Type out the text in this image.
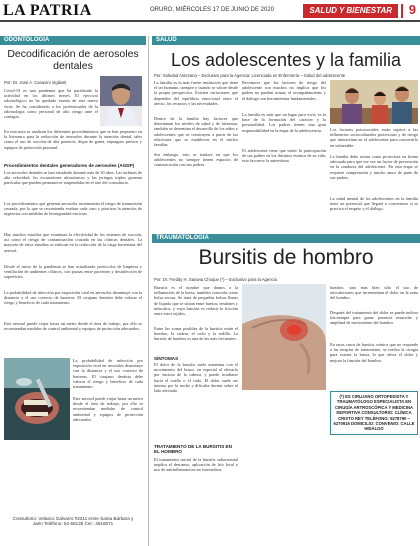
LA PATRIA	ORURO, MIÉRCOLES 17 DE JUNIO DE 2020	SALUD Y BIENESTAR	9
ODONTOLOGÍA
Decodificación de aerosoles dentales
Por: Dr. José A. Canavini Vigilanti
Covid-19 es una pandemia que ha paralizado la actividad en los últimos meses. El ejercicio odontológico no ha quedado exento de este nuevo virus. Se ha considerado a los profesionales de la odontología como personal de alto riesgo ante el contagio.
En esta nota se analizan los diferentes procedimientos que se han propuesto en la literatura para la reducción de aerosoles durante la atención dental, tales como el uso de succión de alta potencia, dique de goma, enjuagues previos y equipos de protección personal.
Procedimientos dentales generadores de aerosoles (AGDP)
Los aerosoles dentales se han estudiado durante más de 30 años. Las turbinas de alta velocidad, los escariadores ultrasónicos y las jeringas triples generan partículas que pueden permanecer suspendidas en el aire del consultorio.
Los procedimientos que generan aerosoles incrementan el riesgo de transmisión cruzada, por lo que se recomienda evaluar cada caso y priorizar la atención de urgencias con medidas de bioseguridad estrictas.
Hay muchos estudios que examinan la efectividad de los sistemas de succión, así como el riesgo de contaminación cruzada en las clínicas dentales. La mayoría de estos estudios se enfocan en la reducción de la carga bacteriana del aerosol.
Desde el inicio de la pandemia se han actualizado protocolos de limpieza y ventilación de ambientes clínicos, con pausas entre pacientes y desinfección de superficies.
La probabilidad de infección por exposición viral en aerosoles disminuye con la distancia y el uso correcto de barreras. El cirujano dentista debe valorar el riesgo y beneficio de cada tratamiento.
Este aerosol puede viajar hasta un metro desde el área de trabajo, por ello se recomiendan medidas de control ambiental y equipos de protección adecuados.
La probabilidad de infección por exposición viral en aerosoles disminuye con la distancia y el uso correcto de barreras. El cirujano dentista debe valorar el riesgo y beneficio de cada tratamiento.
Este aerosol puede viajar hasta un metro desde el área de trabajo, por ello se recomiendan medidas de control ambiental y equipos de protección adecuados.
Consultorio: Velasco Galvarro #2311 entre Santa Bárbara y Jaén Teléfono: 52-58125 Cel.: 4618071
SALUD
Los adolescentes y la familia
Por: Soledad Antezana – Exclusivo para la Agencia: Licenciada en Enfermería – Salud del adolescente
La familia es la más fuerte institución que tiene el ser humano, siempre y cuando se valore desde la propia perspectiva. Existen variaciones que dependen del equilibrio emocional entre el afecto, los recursos y las necesidades.
Dentro de la familia hay factores que determinan los niveles de salud y de bienestar, también se determina el desarrollo de los niños y adolescentes que se construyen a partir de las relaciones que se establecen en el núcleo familiar.
Sin embargo, esto se traduce en que los adolescentes no siempre tienen espacios de comunicación con sus padres.
Reconocer que los factores de riesgo del adolescente son muchos no implica que los padres no puedan actuar; el acompañamiento y el diálogo son herramientas fundamentales.
La familia es más que un lugar para vivir; es la base de la formación del carácter y la personalidad. Los padres tienen una gran responsabilidad en la etapa de la adolescencia.
El adolescente tiene que sentir la participación de sus padres en los distintos eventos de su vida, esto favorece la autoestima.
Los factores psicosociales están sujetos a las influencias socioculturales protectoras y de riesgo que interactúan en el adolescente para convertirlo en vulnerable.
La familia debe actuar como protectora en forma adecuada para que ese sea un factor de prevención en la conducta del adolescente. En esta etapa se requiere comprensión y mucho amor de parte de sus padres.
La salud mental de los adolescentes en la familia tiene un potencial que llegará a concretarse si se practica el respeto y el diálogo.
TRAUMATOLOGÍA
Bursitis de hombro
Por: Dr. Freddy H. Saravia Choque (*) – Exclusivo para la Agencia
Bursitis es el nombre que damos a la inflamación de la bursa, también conocida como bolsa serosa. Se trata de pequeñas bolsas llenas de líquido que se sitúan entre huesos, tendones y músculos, y cuya función es reducir la fricción entre estos tejidos.
Entre las zonas posibles de la bursitis están el hombro, la cadera, el codo y la rodilla. La bursitis de hombro es una de las más frecuentes.
SÍNTOMAS
El dolor de la bursitis suele aumentar con el movimiento del brazo, en especial al elevarlo por encima de la cabeza, y puede irradiarse hacia el cuello o el codo. El dolor suele ser intenso por la noche y dificulta dormir sobre el lado afectado.
TRATAMIENTO DE LA BURSITIS EN EL HOMBRO
El tratamiento inicial de la bursitis subacromial implica el descanso, aplicación de frío local y uso de antiinflamatorios no esteroideos.
hombro, sino más bien sólo el uso de articulaciones que incrementan el dolor en la zona del hombro.
Después del tratamiento del dolor se puede indicar fisioterapia para ganar potencia muscular y amplitud de movimiento del hombro.
En raros casos de bursitis crónica que no responde a las terapias de tratamiento, se realiza la cirugía para extraer la bursa, lo que alivia el dolor y mejora la función del hombro.
(*) ES CIRUJANO ORTOPEDISTA Y TRAUMATÓLOGO ESPECIALISTA EN CIRUGÍA ARTROSCÓPICA Y MEDICINA DEPORTIVA CONSULTORIO: CLÍNICA CRISTO REY TELÉFONO: 5278790 – 6270916 DOMICILIO: CONVENIO: CALLE HIDALGO
